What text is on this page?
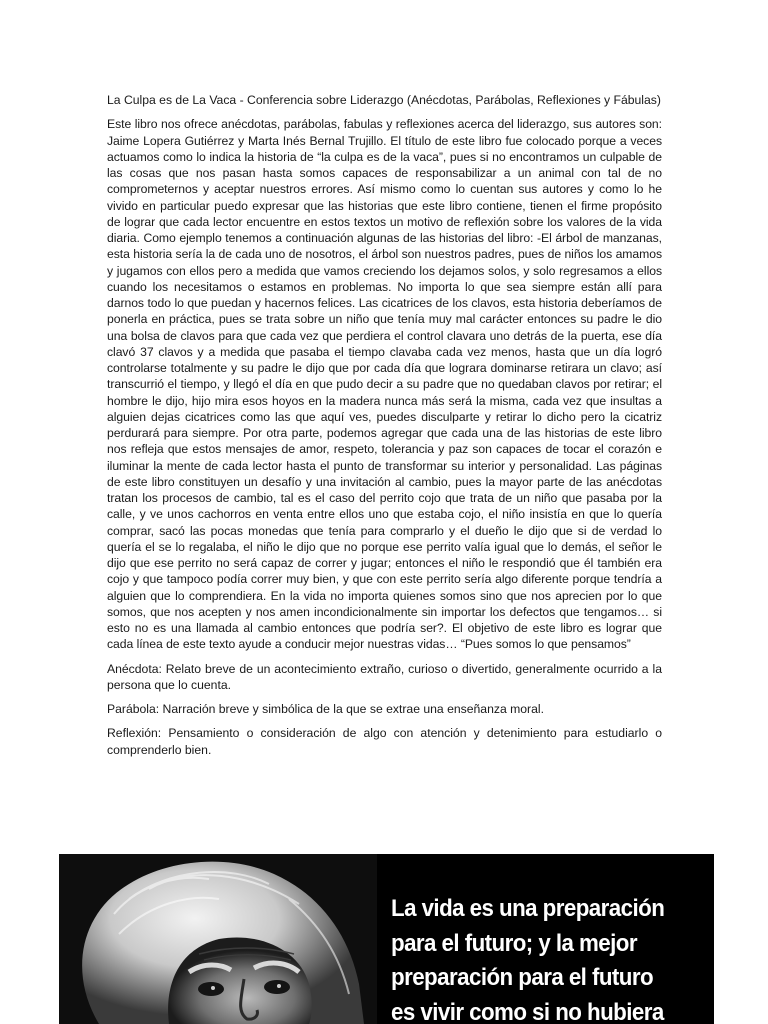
La Culpa es de La Vaca - Conferencia sobre Liderazgo (Anécdotas, Parábolas, Reflexiones y Fábulas)

Este libro nos ofrece anécdotas, parábolas, fabulas y reflexiones acerca del liderazgo, sus autores son: Jaime Lopera Gutiérrez y Marta Inés Bernal Trujillo. El título de este libro fue colocado porque a veces actuamos como lo indica la historia de “la culpa es de la vaca”, pues si no encontramos un culpable de las cosas que nos pasan hasta somos capaces de responsabilizar a un animal con tal de no comprometernos y aceptar nuestros errores. Así mismo como lo cuentan sus autores y como lo he vivido en particular puedo expresar que las historias que este libro contiene, tienen el firme propósito de lograr que cada lector encuentre en estos textos un motivo de reflexión sobre los valores de la vida diaria. Como ejemplo tenemos a continuación algunas de las historias del libro: -El árbol de manzanas, esta historia sería la de cada uno de nosotros, el árbol son nuestros padres, pues de niños los amamos y jugamos con ellos pero a medida que vamos creciendo los dejamos solos, y solo regresamos a ellos cuando los necesitamos o estamos en problemas. No importa lo que sea siempre están allí para darnos todo lo que puedan y hacernos felices. Las cicatrices de los clavos, esta historia deberíamos de ponerla en práctica, pues se trata sobre un niño que tenía muy mal carácter entonces su padre le dio una bolsa de clavos para que cada vez que perdiera el control clavara uno detrás de la puerta, ese día clavó 37 clavos y a medida que pasaba el tiempo clavaba cada vez menos, hasta que un día logró controlarse totalmente y su padre le dijo que por cada día que lograra dominarse retirara un clavo; así transcurrió el tiempo, y llegó el día en que pudo decir a su padre que no quedaban clavos por retirar; el hombre le dijo, hijo mira esos hoyos en la madera nunca más será la misma, cada vez que insultas a alguien dejas cicatrices como las que aquí ves, puedes disculparte y retirar lo dicho pero la cicatriz perdurará para siempre. Por otra parte, podemos agregar que cada una de las historias de este libro nos refleja que estos mensajes de amor, respeto, tolerancia y paz son capaces de tocar el corazón e iluminar la mente de cada lector hasta el punto de transformar su interior y personalidad. Las páginas de este libro constituyen un desafío y una invitación al cambio, pues la mayor parte de las anécdotas tratan los procesos de cambio, tal es el caso del perrito cojo que trata de un niño que pasaba por la calle, y ve unos cachorros en venta entre ellos uno que estaba cojo, el niño insistía en que lo quería comprar, sacó las pocas monedas que tenía para comprarlo y el dueño le dijo que si de verdad lo quería el se lo regalaba, el niño le dijo que no porque ese perrito valía igual que lo demás, el señor le dijo que ese perrito no será capaz de correr y jugar; entonces el niño le respondió que él también era cojo y que tampoco podía correr muy bien, y que con este perrito sería algo diferente porque tendría a alguien que lo comprendiera. En la vida no importa quienes somos sino que nos aprecien por lo que somos, que nos acepten y nos amen incondicionalmente sin importar los defectos que tengamos… si esto no es una llamada al cambio entonces que podría ser?. El objetivo de este libro es lograr que cada línea de este texto ayude a conducir mejor nuestras vidas… “Pues somos lo que pensamos”

Anécdota: Relato breve de un acontecimiento extraño, curioso o divertido, generalmente ocurrido a la persona que lo cuenta.

Parábola: Narración breve y simbólica de la que se extrae una enseñanza moral.

Reflexión: Pensamiento o consideración de algo con atención y detenimiento para estudiarlo o comprenderlo bien.

La vida es una preparación
para el futuro; y la mejor
preparación para el futuro
es vivir como si no hubiera
